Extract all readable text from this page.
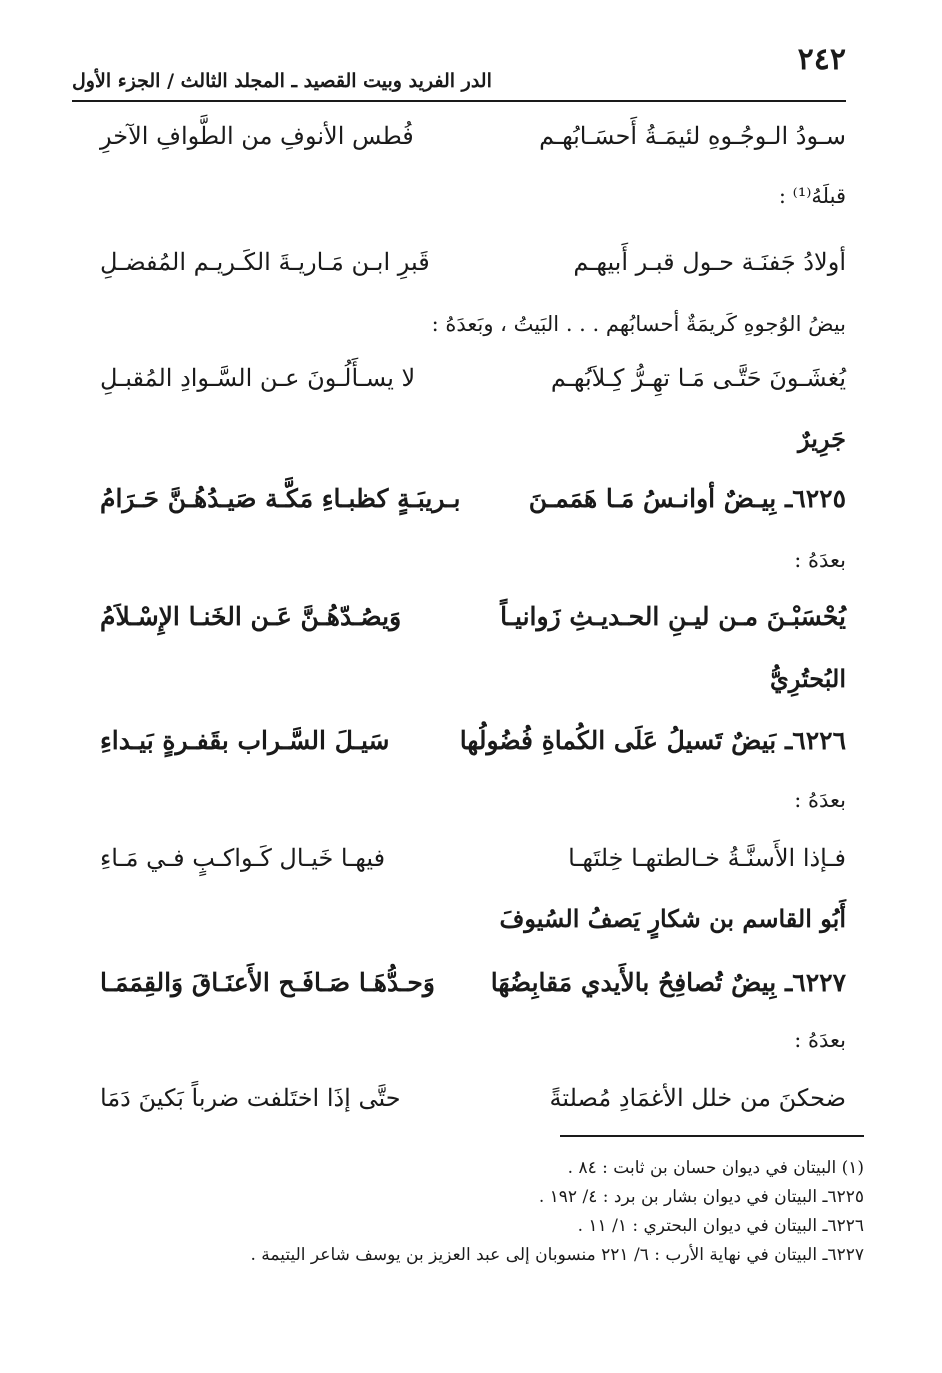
٢٤٢
الدر الفريد وبيت القصيد ـ المجلد الثالث / الجزء الأول
سـودُ الـوجُـوهِ لئيمَـةُ أَحسَـابُهـم
فُطس الأنوفِ من الطَّوافِ الآخرِ
قبلَهُ⁽¹⁾ :
أولادُ جَفنَـة حـول قبـر أَبيهـم
قَبرِ ابـن مَـاريـةَ الكَـريـم المُفضـلِ
بيضُ الوُجوهِ كَريمَةٌ أحسابُهم . . . البَيتُ ، وبَعدَهُ :
يُغشَـونَ حَتَّـى مَـا تهِـرُّ كِـلاَبُهـم
لا يسـأَلُـونَ عـن السَّـوادِ المُقبـلِ
جَرِيرٌ
٦٢٢٥ـ بِيـضٌ أوانـسُ مَـا هَمَمـنَ
بـريبَـةٍ كظبـاءِ مَكَّـة صَيـدُهُـنَّ حَـرَامُ
بعدَهُ :
يُحْسَبْـنَ مـن ليـنِ الحـديـثِ زَوانيـاً
وَيصُـدّهُـنَّ عَـن الخَنـا الإِسْـلاَمُ
البُحتُرِيُّ
٦٢٢٦ـ بَيضٌ تَسيلُ عَلَى الكُماةِ فُضُولُها
سَيـلَ السَّـراب بقَفـرةٍ بَيـداءِ
بعدَهُ :
فـإذا الأَسنَّـةُ خـالطتهـا خِلتَهـا
فيهـا خَيـال كَـواكـبٍ فـي مَـاءِ
أَبُو القاسم بن شكارٍ يَصفُ السُيوفَ
٦٢٢٧ـ بِيضٌ تُصافِحُ بالأَيدي مَقابِضُهَا
وَحـدُّهَـا صَـافَـح الأَعنَـاقَ وَالقِمَمَـا
بعدَهُ :
ضحكنَ من خلل الأغمَادِ مُصلتةً
حتَّى إذَا اختَلفت ضرباً بَكينَ دَمَا
(١) البيتان في ديوان حسان بن ثابت : ٨٤ .
٦٢٢٥ـ البيتان في ديوان بشار بن برد : ٤/ ١٩٢ .
٦٢٢٦ـ البيتان في ديوان البحتري : ١/ ١١ .
٦٢٢٧ـ البيتان في نهاية الأرب : ٦/ ٢٢١ منسوبان إلى عبد العزيز بن يوسف شاعر اليتيمة .
